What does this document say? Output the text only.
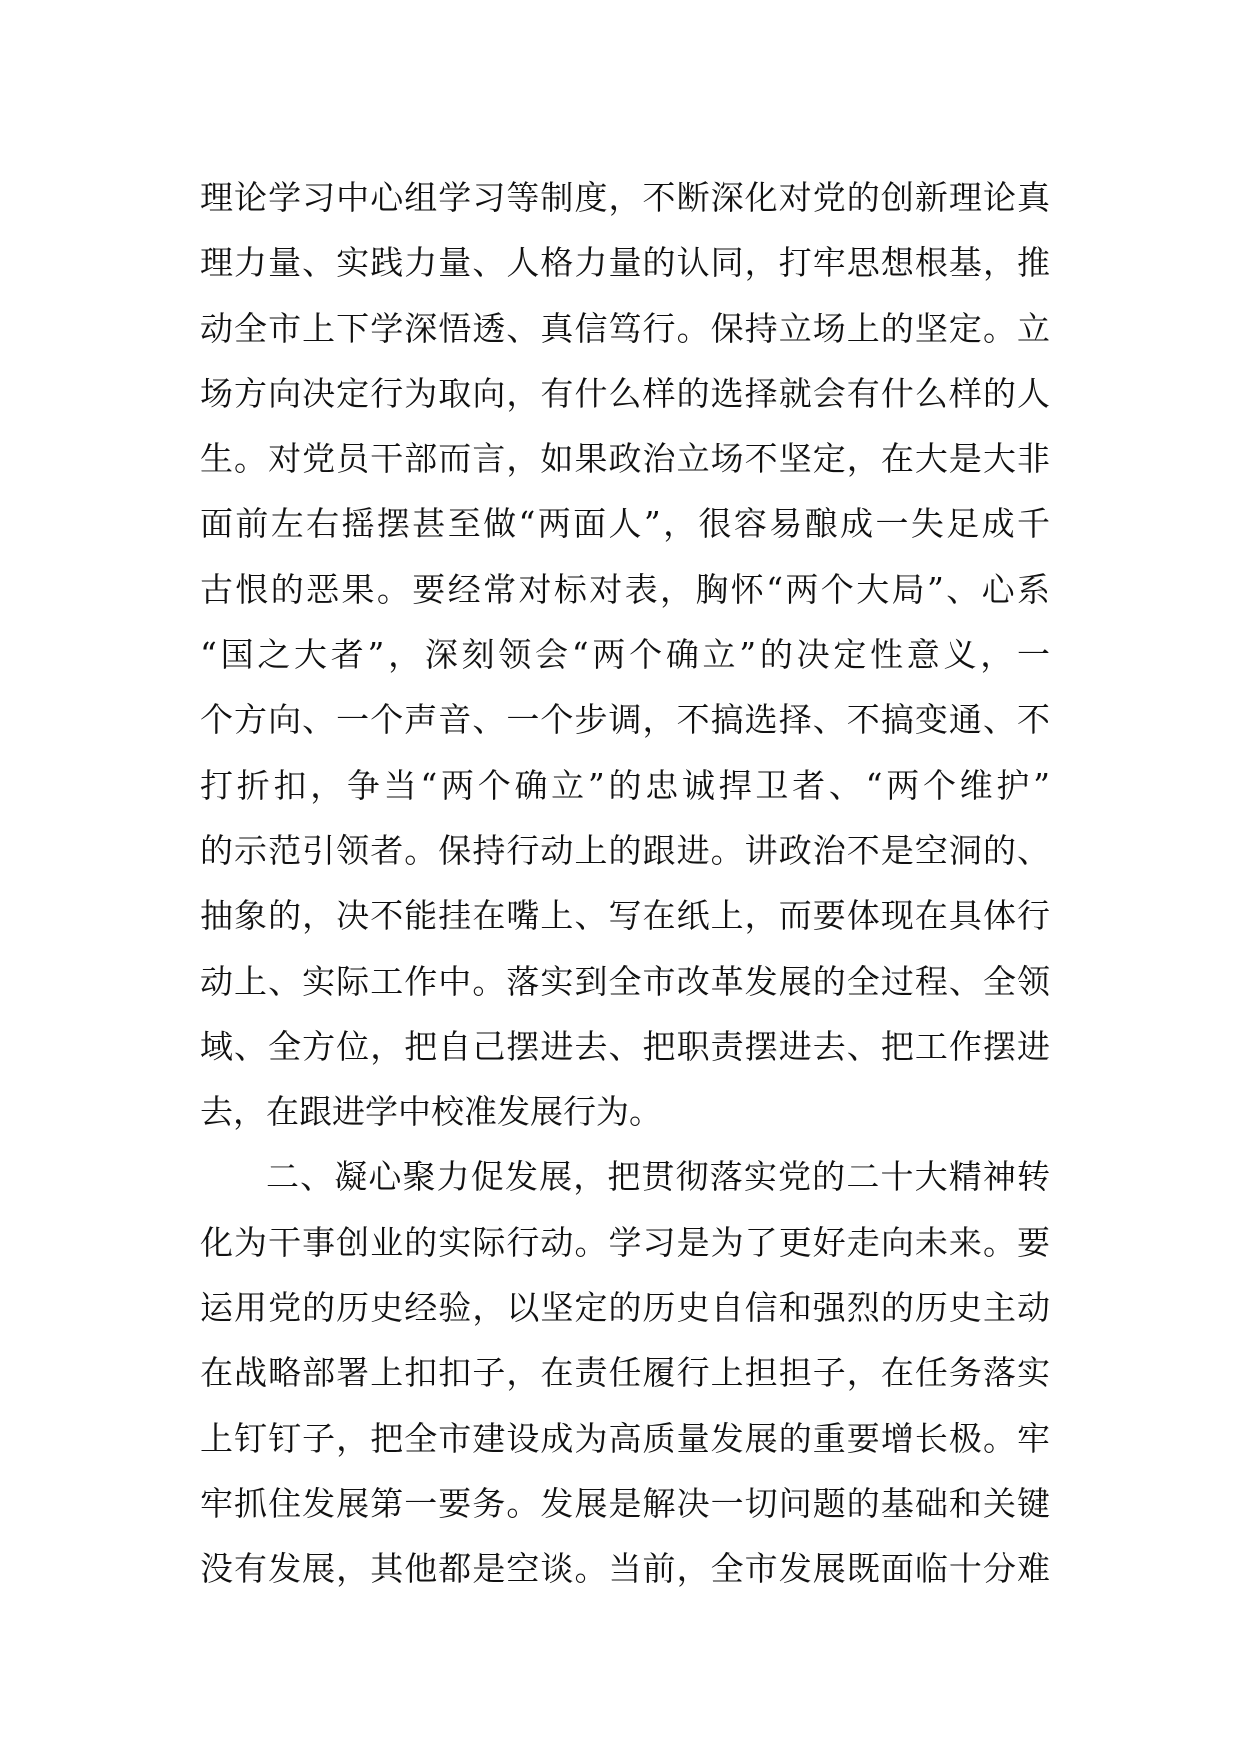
理论学习中心组学习等制度，不断深化对党的创新理论真
理力量、实践力量、人格力量的认同，打牢思想根基，推
动全市上下学深悟透、真信笃行。保持立场上的坚定。立
场方向决定行为取向，有什么样的选择就会有什么样的人
生。对党员干部而言，如果政治立场不坚定，在大是大非
面前左右摇摆甚至做“两面人”，很容易酿成一失足成千
古恨的恶果。要经常对标对表，胸怀“两个大局”、心系
“国之大者”，深刻领会“两个确立”的决定性意义，一
个方向、一个声音、一个步调，不搞选择、不搞变通、不
打折扣，争当“两个确立”的忠诚捍卫者、“两个维护”
的示范引领者。保持行动上的跟进。讲政治不是空洞的、
抽象的，决不能挂在嘴上、写在纸上，而要体现在具体行
动上、实际工作中。落实到全市改革发展的全过程、全领
域、全方位，把自己摆进去、把职责摆进去、把工作摆进
去，在跟进学中校准发展行为。
二、凝心聚力促发展，把贯彻落实党的二十大精神转
化为干事创业的实际行动。学习是为了更好走向未来。要
运用党的历史经验，以坚定的历史自信和强烈的历史主动
在战略部署上扣扣子，在责任履行上担担子，在任务落实
上钉钉子，把全市建设成为高质量发展的重要增长极。牢
牢抓住发展第一要务。发展是解决一切问题的基础和关键
没有发展，其他都是空谈。当前，全市发展既面临十分难
